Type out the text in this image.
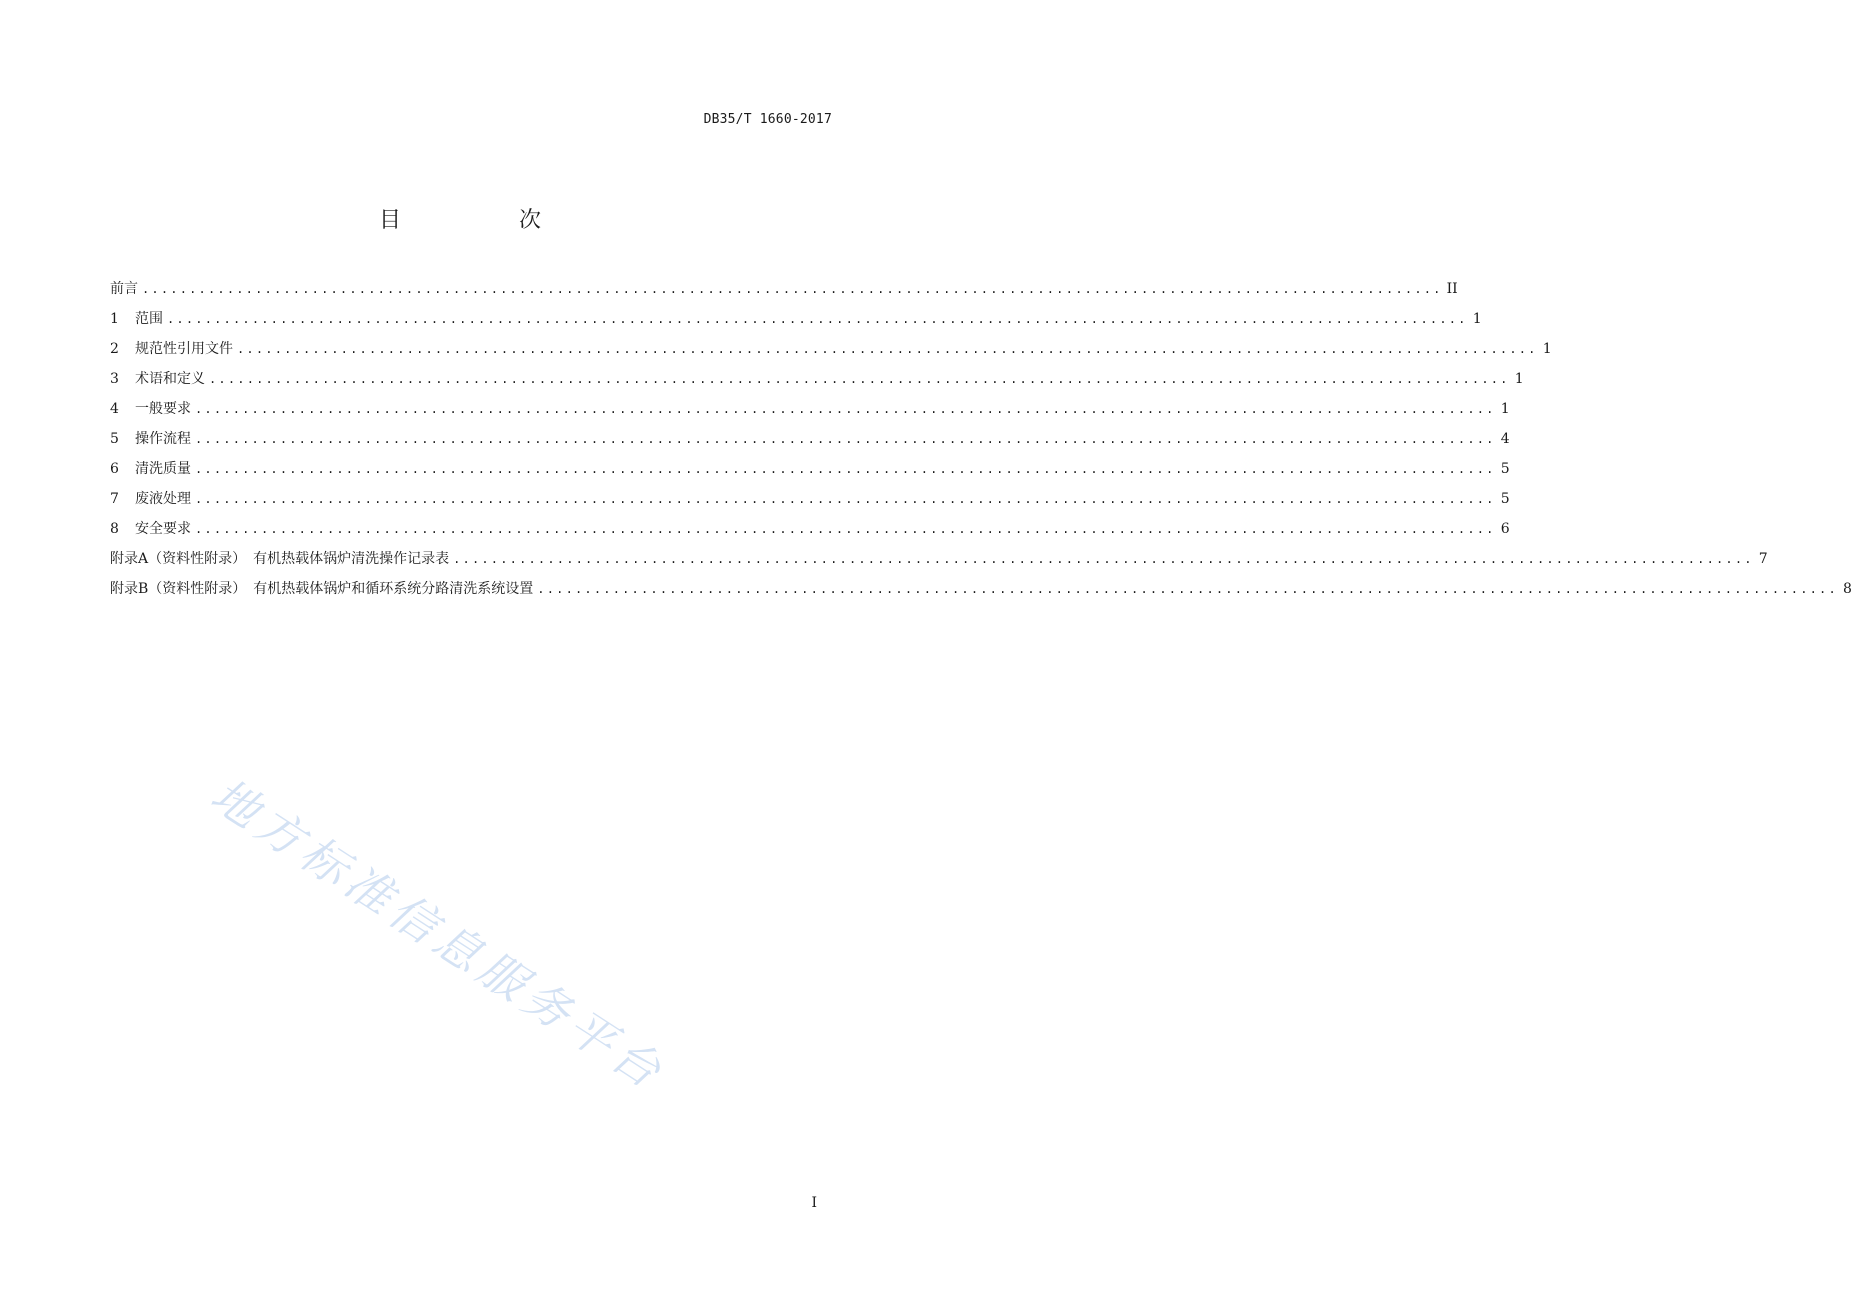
DB35/T 1660-2017
目　次
前言 .......................................................................................................................................... II
1	范围 .......................................................................................................................................... 1
2	规范性引用文件 .......................................................................................................................................... 1
3	术语和定义 .......................................................................................................................................... 1
4	一般要求 .......................................................................................................................................... 1
5	操作流程 .......................................................................................................................................... 4
6	清洗质量 .......................................................................................................................................... 5
7	废液处理 .......................................................................................................................................... 5
8	安全要求 .......................................................................................................................................... 6
附录A（资料性附录）　有机热载体锅炉清洗操作记录表 .......................................................................................................................................... 7
附录B（资料性附录）　有机热载体锅炉和循环系统分路清洗系统设置 .......................................................................................................................................... 8
地方标准信息服务平台
I
